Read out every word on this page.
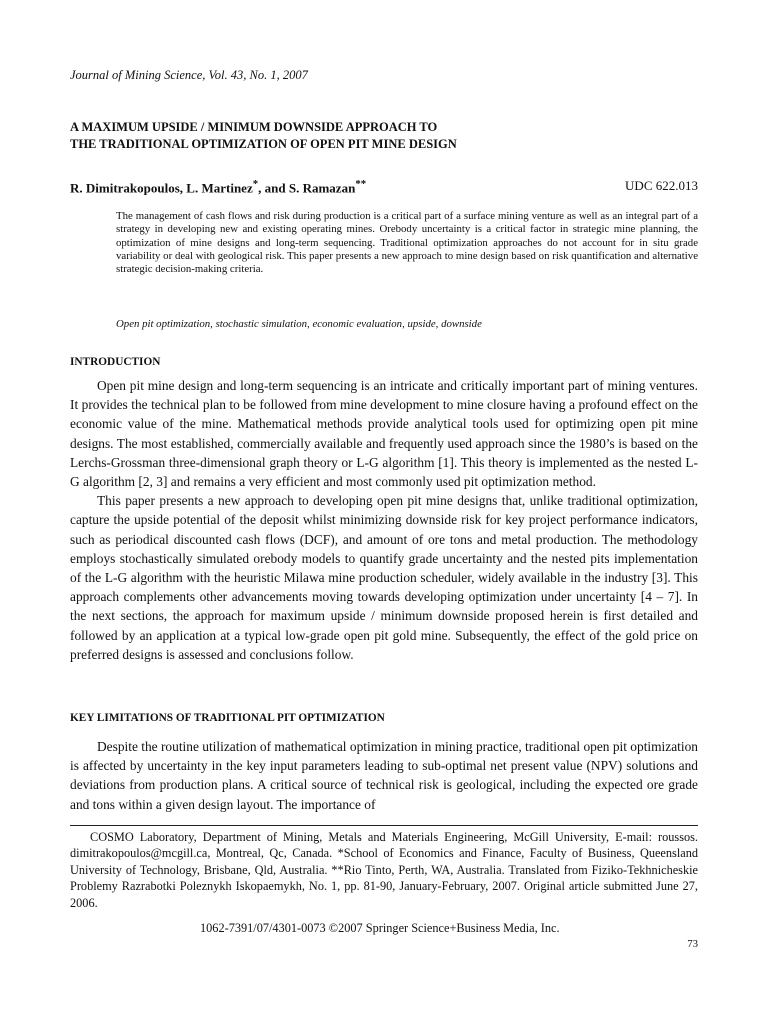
Journal of Mining Science, Vol. 43, No. 1, 2007
A MAXIMUM UPSIDE / MINIMUM DOWNSIDE APPROACH TO
THE TRADITIONAL OPTIMIZATION OF OPEN PIT MINE DESIGN
R. Dimitrakopoulos, L. Martinez*, and S. Ramazan**	UDC 622.013
The management of cash flows and risk during production is a critical part of a surface mining venture as well as an integral part of a strategy in developing new and existing operating mines. Orebody uncertainty is a critical factor in strategic mine planning, the optimization of mine designs and long-term sequencing. Traditional optimization approaches do not account for in situ grade variability or deal with geological risk. This paper presents a new approach to mine design based on risk quantification and alternative strategic decision-making criteria.
Open pit optimization, stochastic simulation, economic evaluation, upside, downside
INTRODUCTION

Open pit mine design and long-term sequencing is an intricate and critically important part of mining ventures. It provides the technical plan to be followed from mine development to mine closure having a profound effect on the economic value of the mine. Mathematical methods provide analytical tools used for optimizing open pit mine designs. The most established, commercially available and frequently used approach since the 1980’s is based on the Lerchs-Grossman three-dimensional graph theory or L-G algorithm [1]. This theory is implemented as the nested L-G algorithm [2, 3] and remains a very efficient and most commonly used pit optimization method.

This paper presents a new approach to developing open pit mine designs that, unlike traditional optimization, capture the upside potential of the deposit whilst minimizing downside risk for key project performance indicators, such as periodical discounted cash flows (DCF), and amount of ore tons and metal production. The methodology employs stochastically simulated orebody models to quantify grade uncertainty and the nested pits implementation of the L-G algorithm with the heuristic Milawa mine production scheduler, widely available in the industry [3]. This approach complements other advancements moving towards developing optimization under uncertainty [4 – 7]. In the next sections, the approach for maximum upside / minimum downside proposed herein is first detailed and followed by an application at a typical low-grade open pit gold mine. Subsequently, the effect of the gold price on preferred designs is assessed and conclusions follow.

KEY LIMITATIONS OF TRADITIONAL PIT OPTIMIZATION

Despite the routine utilization of mathematical optimization in mining practice, traditional open pit optimization is affected by uncertainty in the key input parameters leading to sub-optimal net present value (NPV) solutions and deviations from production plans. A critical source of technical risk is geological, including the expected ore grade and tons within a given design layout. The importance of

COSMO Laboratory, Department of Mining, Metals and Materials Engineering, McGill University, E-mail: roussos. dimitrakopoulos@mcgill.ca, Montreal, Qc, Canada. *School of Economics and Finance, Faculty of Business, Queensland University of Technology, Brisbane, Qld, Australia. **Rio Tinto, Perth, WA, Australia. Translated from Fiziko-Tekhnicheskie Problemy Razrabotki Poleznykh Iskopaemykh, No. 1, pp. 81-90, January-February, 2007. Original article submitted June 27, 2006.
1062-7391/07/4301-0073 ©2007 Springer Science+Business Media, Inc.
73
